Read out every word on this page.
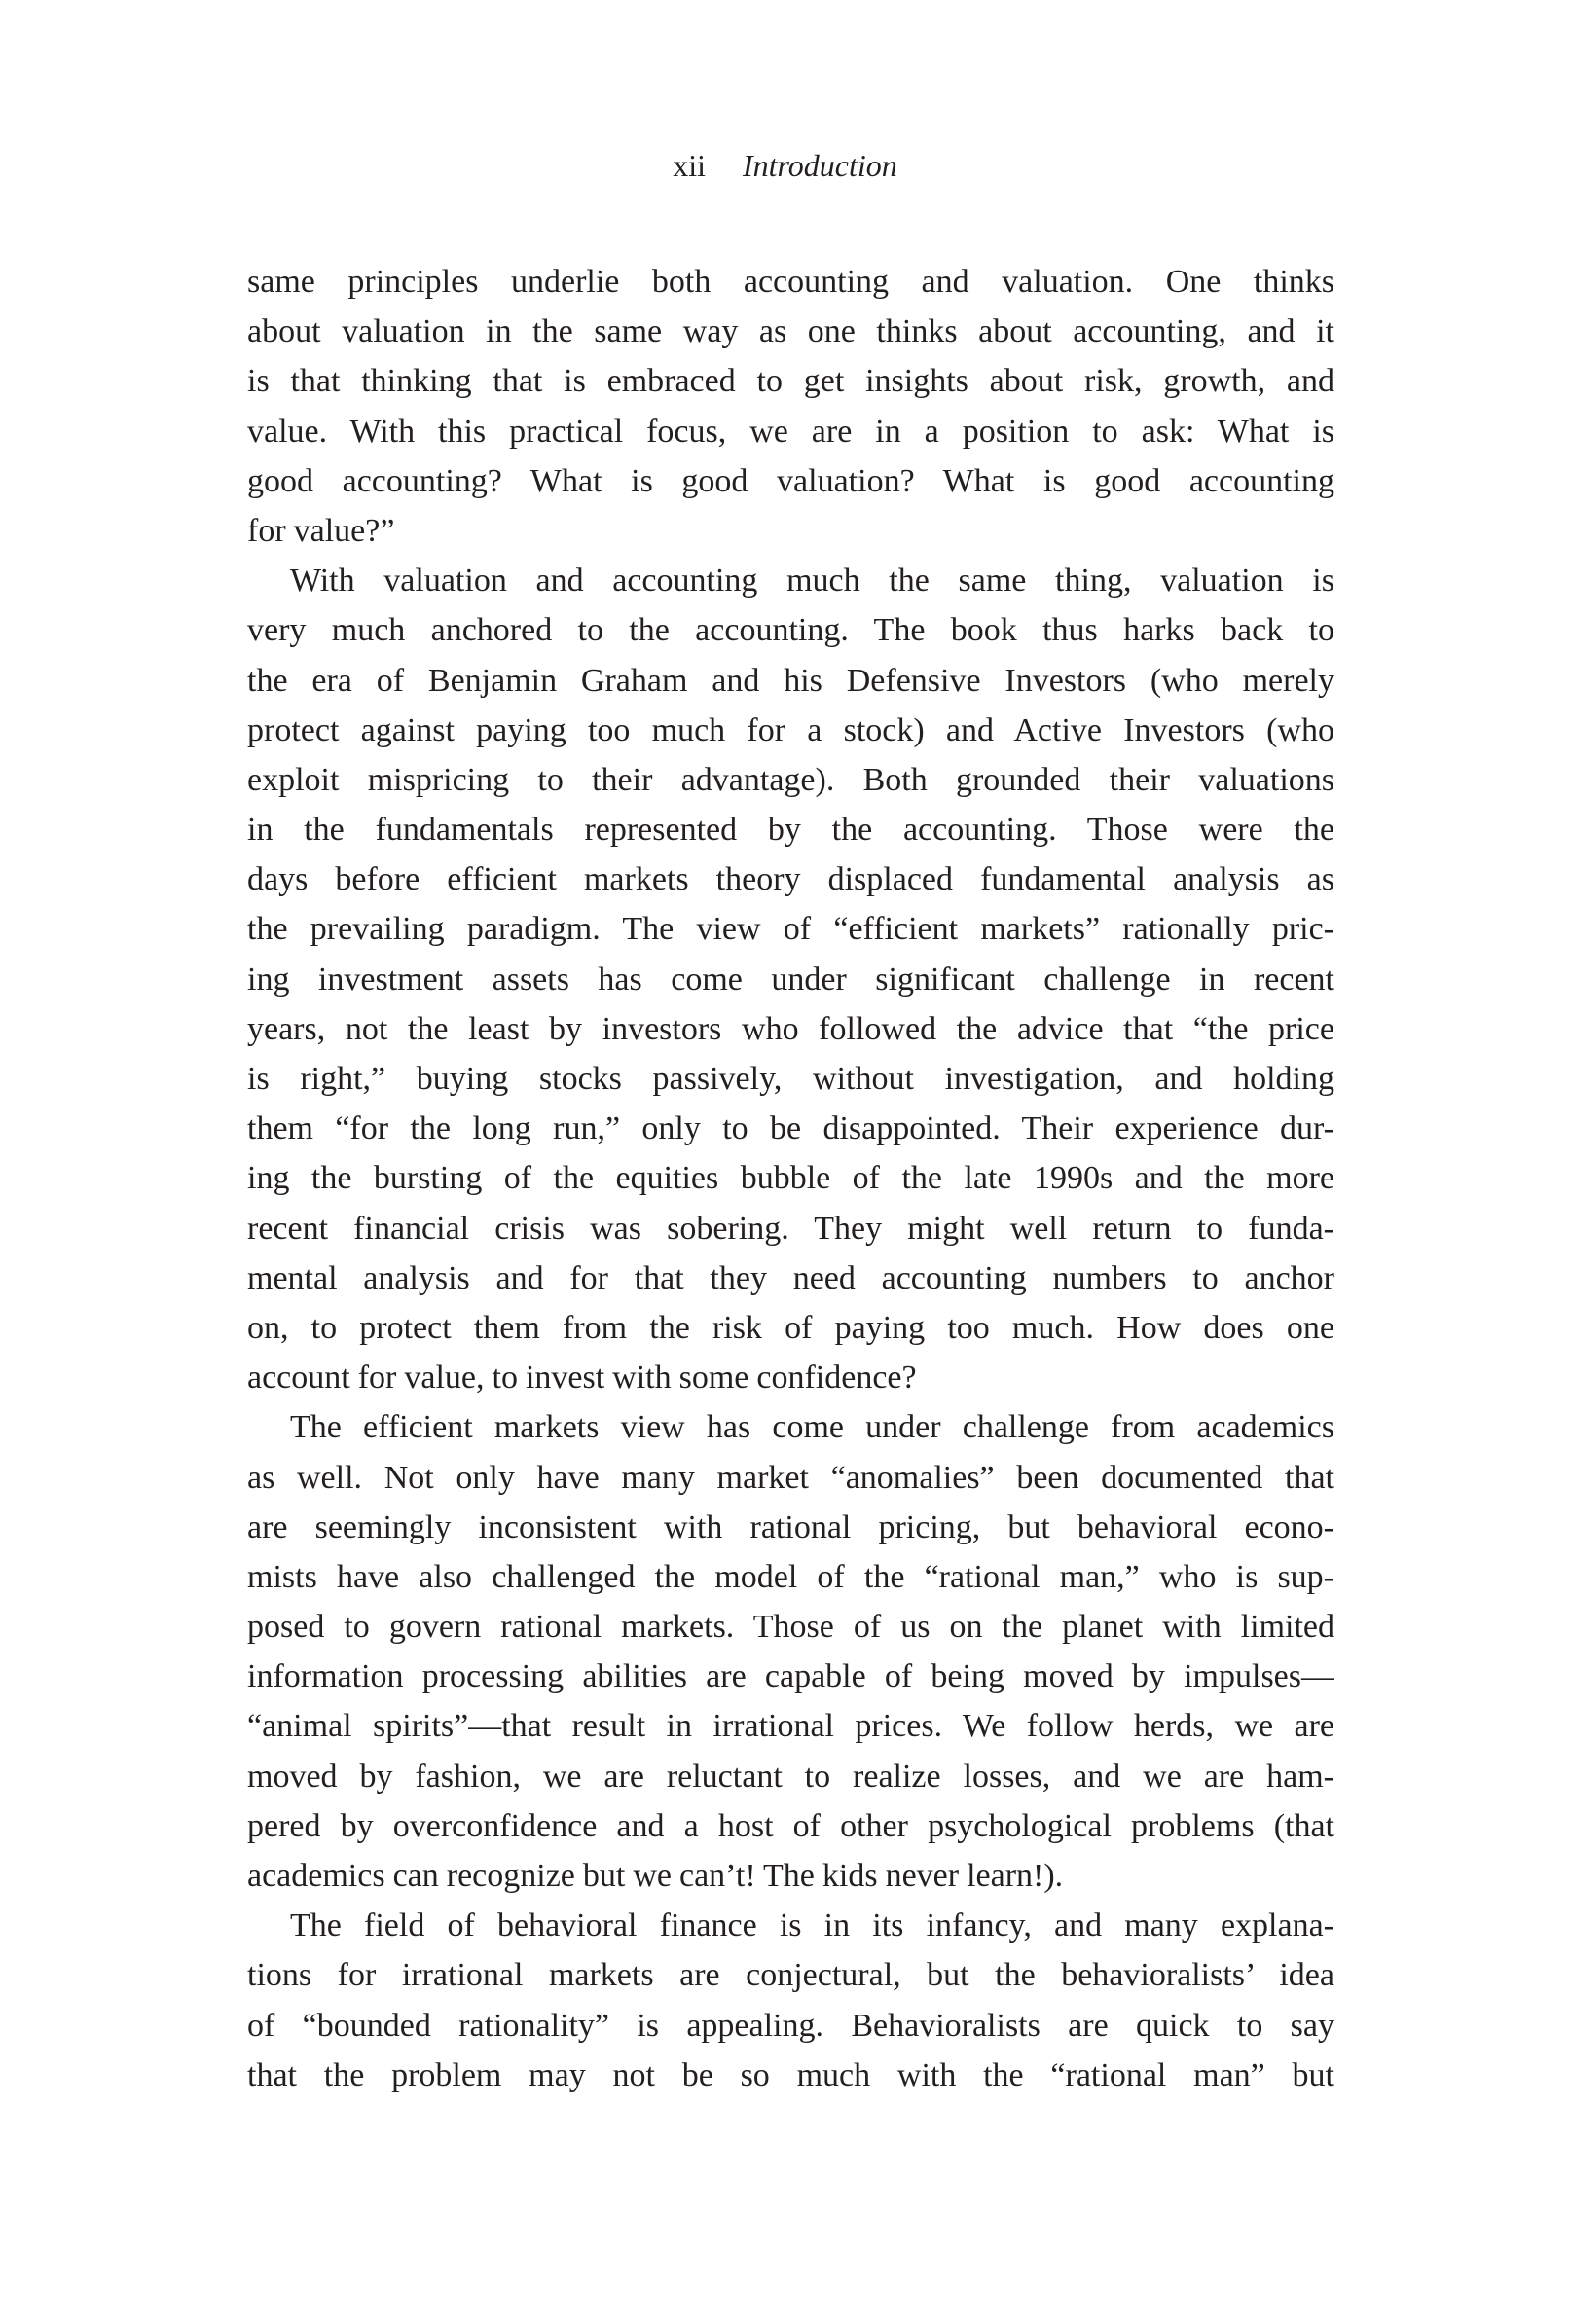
xii Introduction
same principles underlie both accounting and valuation. One thinks
about valuation in the same way as one thinks about accounting, and it
is that thinking that is embraced to get insights about risk, growth, and
value. With this practical focus, we are in a position to ask: What is
good accounting? What is good valuation? What is good accounting
for value?”
With valuation and accounting much the same thing, valuation is
very much anchored to the accounting. The book thus harks back to
the era of Benjamin Graham and his Defensive Investors (who merely
protect against paying too much for a stock) and Active Investors (who
exploit mispricing to their advantage). Both grounded their valuations
in the fundamentals represented by the accounting. Those were the
days before efficient markets theory displaced fundamental analysis as
the prevailing paradigm. The view of “efficient markets” rationally pric-
ing investment assets has come under significant challenge in recent
years, not the least by investors who followed the advice that “the price
is right,” buying stocks passively, without investigation, and holding
them “for the long run,” only to be disappointed. Their experience dur-
ing the bursting of the equities bubble of the late 1990s and the more
recent financial crisis was sobering. They might well return to funda-
mental analysis and for that they need accounting numbers to anchor
on, to protect them from the risk of paying too much. How does one
account for value, to invest with some confidence?
The efficient markets view has come under challenge from academics
as well. Not only have many market “anomalies” been documented that
are seemingly inconsistent with rational pricing, but behavioral econo-
mists have also challenged the model of the “rational man,” who is sup-
posed to govern rational markets. Those of us on the planet with limited
information processing abilities are capable of being moved by impulses—
“animal spirits”—that result in irrational prices. We follow herds, we are
moved by fashion, we are reluctant to realize losses, and we are ham-
pered by overconfidence and a host of other psychological problems (that
academics can recognize but we can’t! The kids never learn!).
The field of behavioral finance is in its infancy, and many explana-
tions for irrational markets are conjectural, but the behavioralists’ idea
of “bounded rationality” is appealing. Behavioralists are quick to say
that the problem may not be so much with the “rational man” but
